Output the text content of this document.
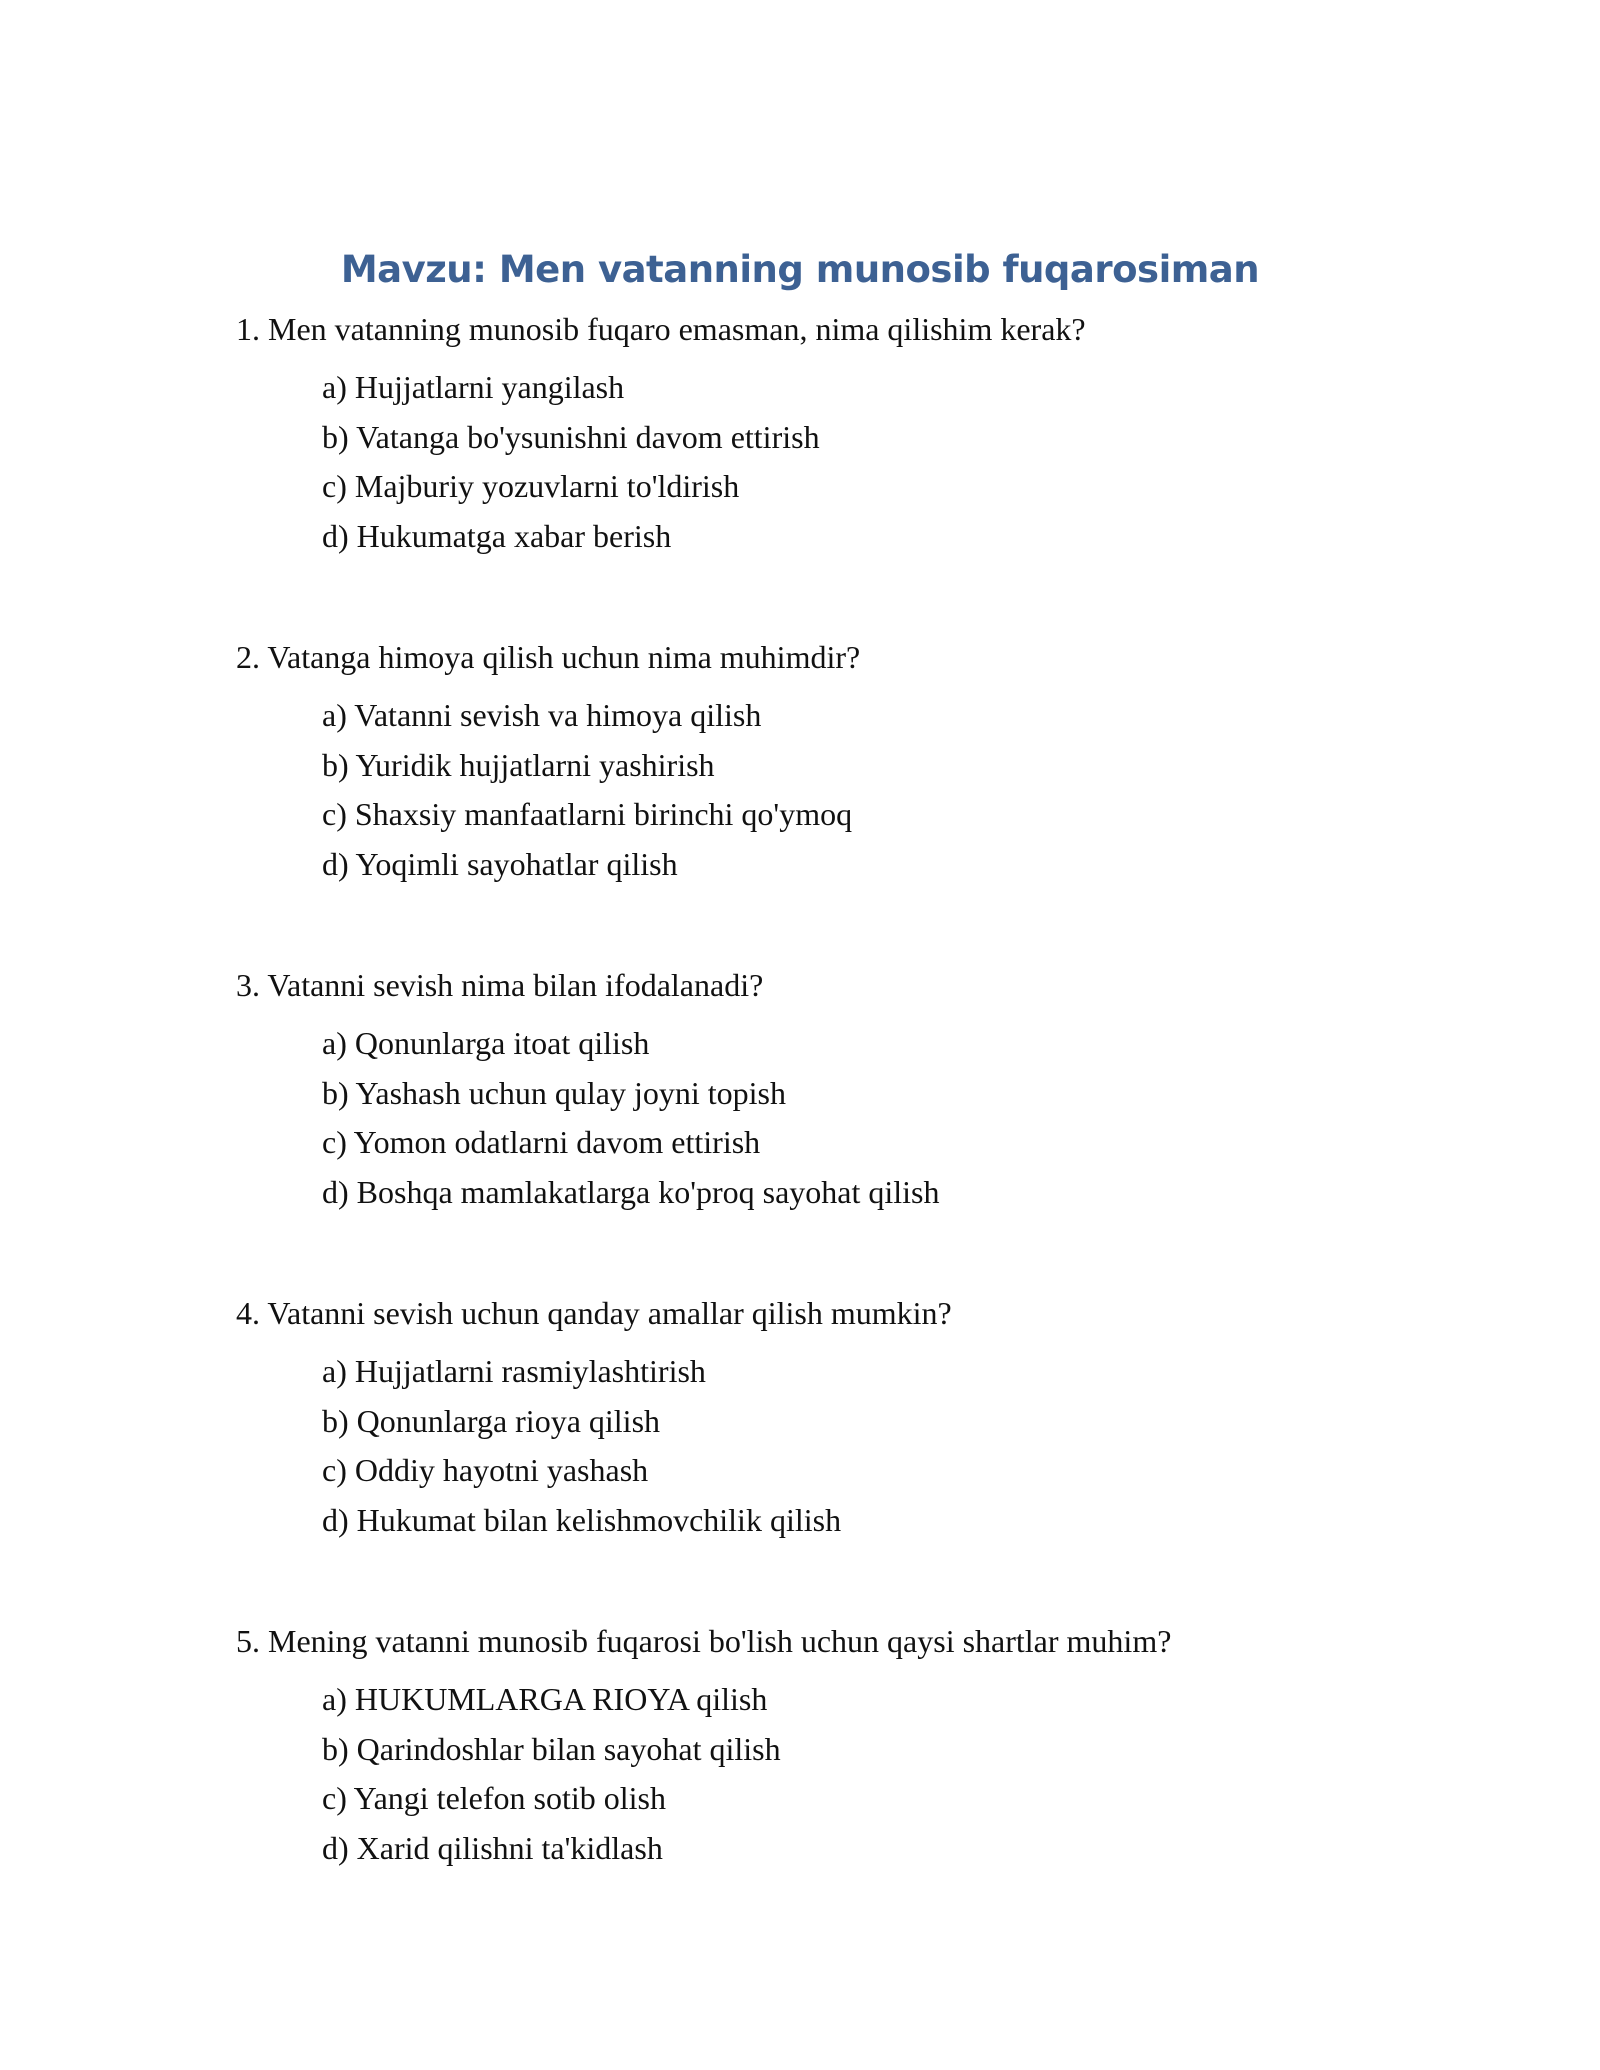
Mavzu: Men vatanning munosib fuqarosiman
1. Men vatanning munosib fuqaro emasman, nima qilishim kerak?
a) Hujjatlarni yangilash
b) Vatanga bo'ysunishni davom ettirish
c) Majburiy yozuvlarni to'ldirish
d) Hukumatga xabar berish
2. Vatanga himoya qilish uchun nima muhimdir?
a) Vatanni sevish va himoya qilish
b) Yuridik hujjatlarni yashirish
c) Shaxsiy manfaatlarni birinchi qo'ymoq
d) Yoqimli sayohatlar qilish
3. Vatanni sevish nima bilan ifodalanadi?
a) Qonunlarga itoat qilish
b) Yashash uchun qulay joyni topish
c) Yomon odatlarni davom ettirish
d) Boshqa mamlakatlarga ko'proq sayohat qilish
4. Vatanni sevish uchun qanday amallar qilish mumkin?
a) Hujjatlarni rasmiylashtirish
b) Qonunlarga rioya qilish
c) Oddiy hayotni yashash
d) Hukumat bilan kelishmovchilik qilish
5. Mening vatanni munosib fuqarosi bo'lish uchun qaysi shartlar muhim?
a) HUKUMLARGA RIOYA qilish
b) Qarindoshlar bilan sayohat qilish
c) Yangi telefon sotib olish
d) Xarid qilishni ta'kidlash
